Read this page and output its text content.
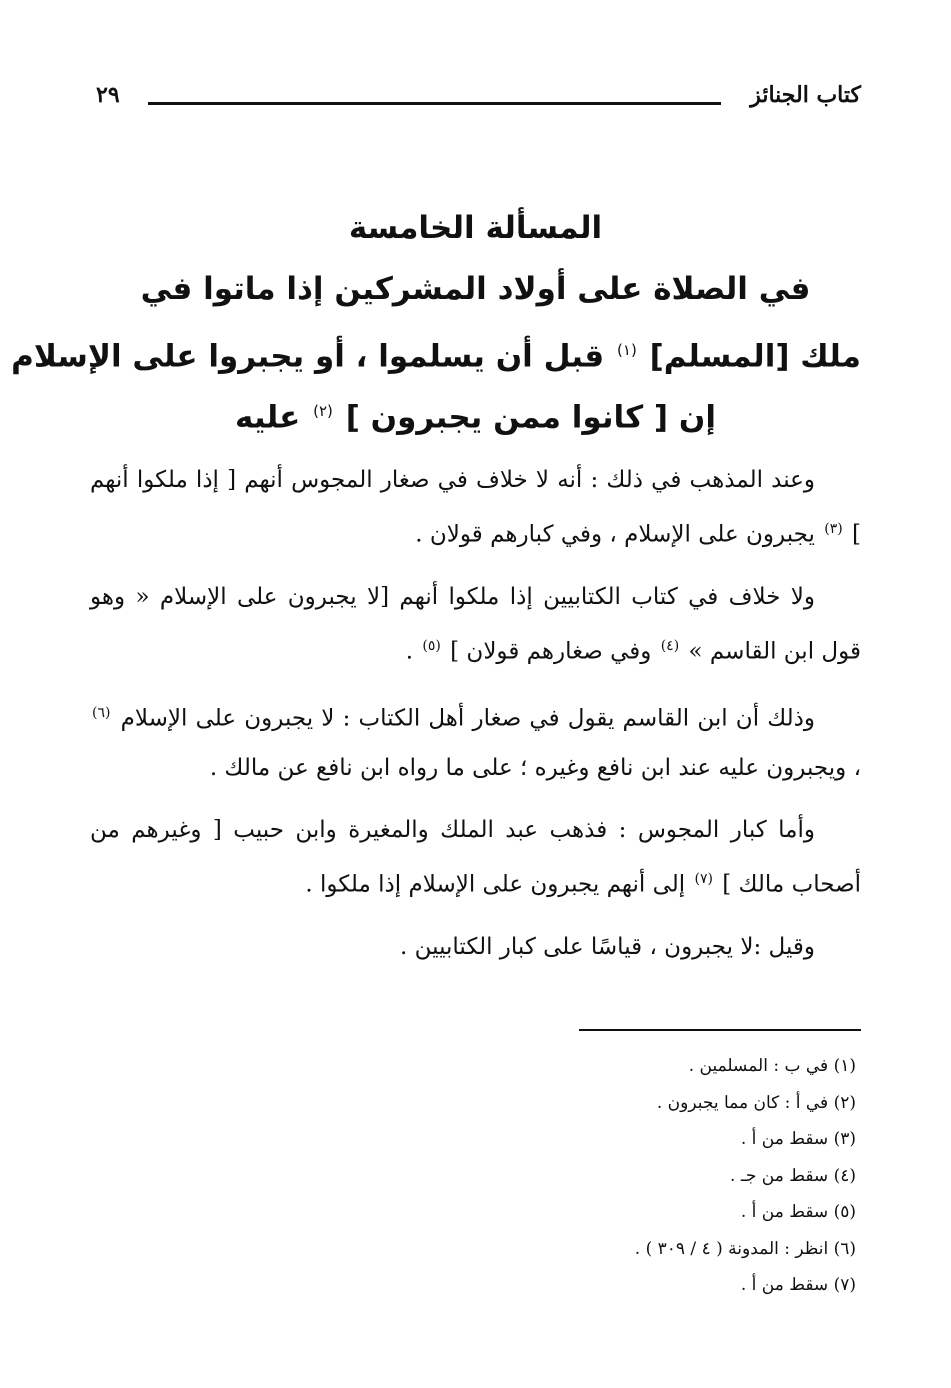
كتاب الجنائز
٢٩
المسألة الخامسة
في الصلاة على أولاد المشركين إذا ماتوا في
ملك [المسلم] $^{(١)}$ قبل أن يسلموا ، أو يجبروا على الإسلام
إن [ كانوا ممن يجبرون ] $^{(٢)}$ عليه

وعند المذهب في ذلك : أنه لا خلاف في صغار المجوس أنهم [ إذا ملكوا أنهم ] $^{(٣)}$ يجبرون على الإسلام ، وفي كبارهم قولان .

ولا خلاف في كتاب الكتابيين إذا ملكوا أنهم [لا يجبرون على الإسلام « وهو قول ابن القاسم » $^{(٤)}$ وفي صغارهم قولان ] $^{(٥)}$ .

وذلك أن ابن القاسم يقول في صغار أهل الكتاب : لا يجبرون على الإسلام $^{(٦)}$ ، ويجبرون عليه عند ابن نافع وغيره ؛ على ما رواه ابن نافع عن مالك .

وأما كبار المجوس : فذهب عبد الملك والمغيرة وابن حبيب [ وغيرهم من أصحاب مالك ] $^{(٧)}$ إلى أنهم يجبرون على الإسلام إذا ملكوا .

وقيل :لا يجبرون ، قياسًا على كبار الكتابيين .

(١) في ب : المسلمين .
(٢) في أ : كان مما يجبرون .
(٣) سقط من أ .
(٤) سقط من جـ .
(٥) سقط من أ .
(٦) انظر : المدونة ( ٤ / ٣٠٩ ) .
(٧) سقط من أ .
